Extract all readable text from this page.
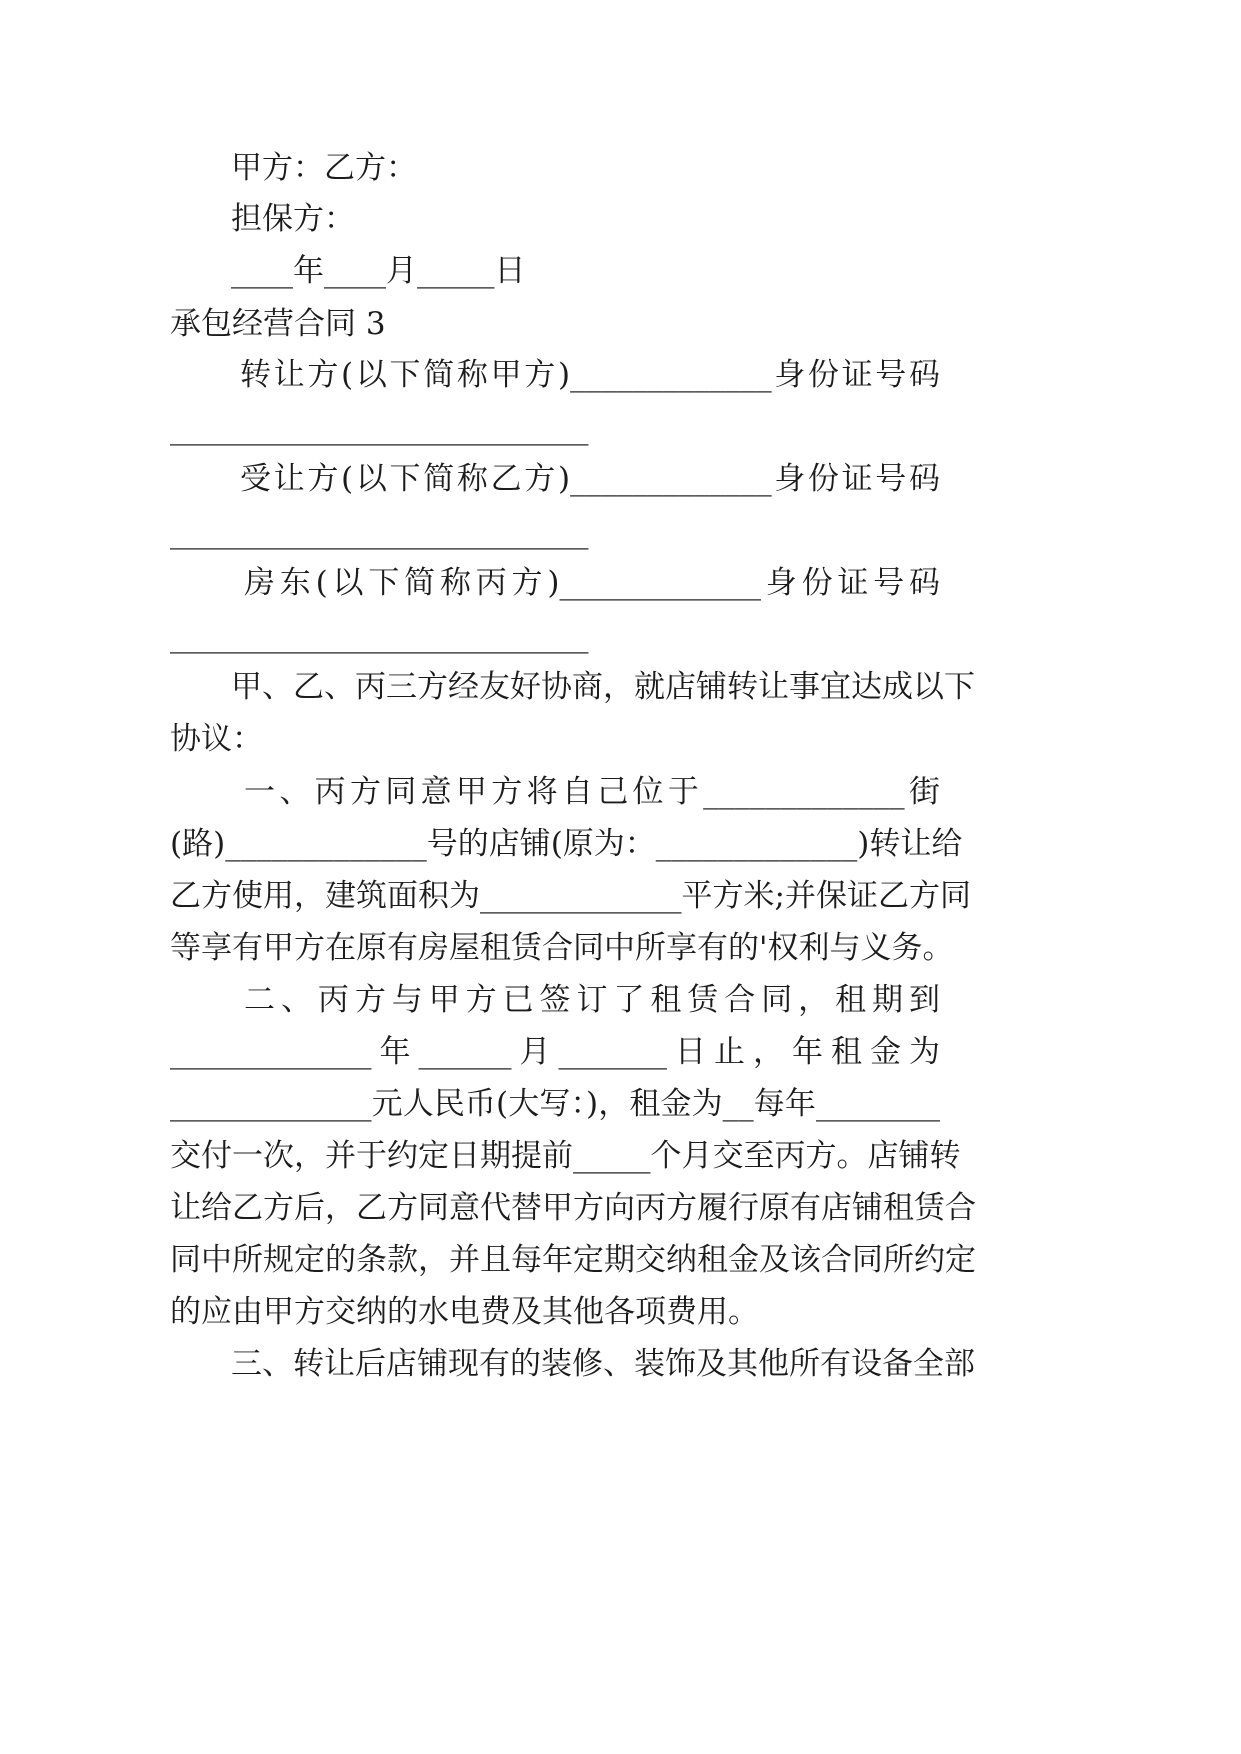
甲方：乙方：
担保方：
____年____月_____日
承包经营合同 3
转让方(以下简称甲方)_____________身份证号码
___________________________
受让方(以下简称乙方)_____________身份证号码
___________________________
房东(以下简称丙方)_____________身份证号码
___________________________
甲、乙、丙三方经友好协商，就店铺转让事宜达成以下
协议：
一、丙方同意甲方将自己位于_____________街
(路)_____________号的店铺(原为：_____________)转让给
乙方使用，建筑面积为_____________平方米;并保证乙方同
等享有甲方在原有房屋租赁合同中所享有的'权利与义务。
二、丙方与甲方已签订了租赁合同，租期到
_____________年______月_______日止，年租金为
_____________元人民币(大写：)，租金为__每年________
交付一次，并于约定日期提前_____个月交至丙方。店铺转
让给乙方后，乙方同意代替甲方向丙方履行原有店铺租赁合
同中所规定的条款，并且每年定期交纳租金及该合同所约定
的应由甲方交纳的水电费及其他各项费用。
三、转让后店铺现有的装修、装饰及其他所有设备全部
